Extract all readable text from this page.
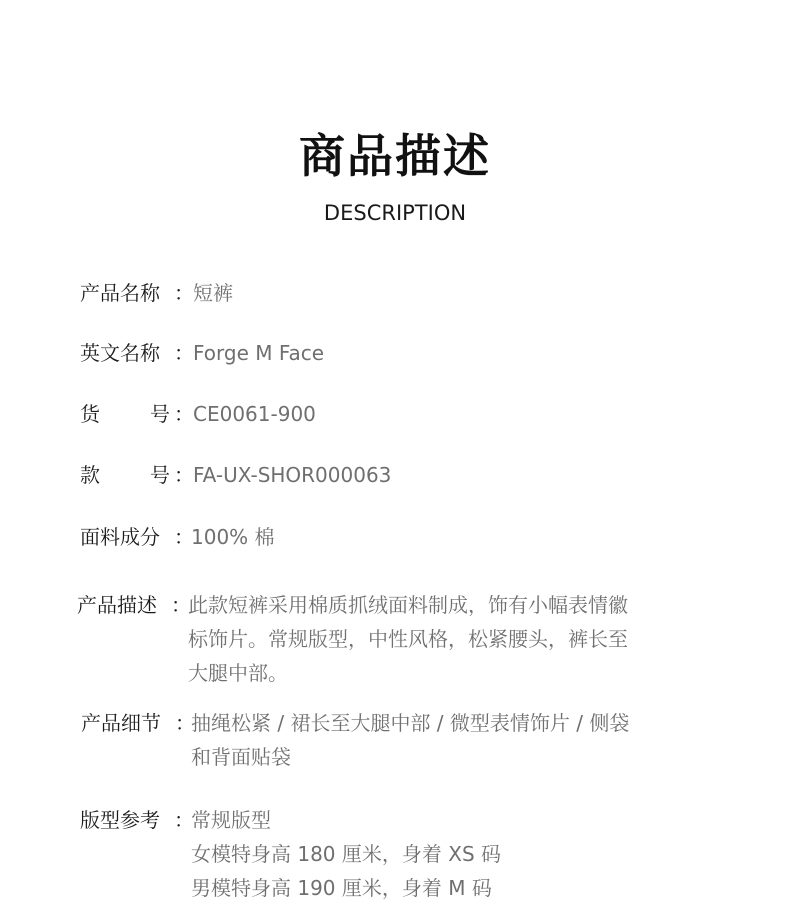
商品描述
DESCRIPTION
产品名称 ： 短裤
英文名称 ： Forge M Face
货	号 ： CE0061-900
款	号 ： FA-UX-SHOR000063
面料成分 ：
100% 棉
产品描述 ：
此款短裤采用棉质抓绒面料制成，饰有小幅表情徽
标饰片。常规版型，中性风格，松紧腰头，裤长至
大腿中部。
产品细节 ：
抽绳松紧 / 裙长至大腿中部 / 微型表情饰片 / 侧袋
和背面贴袋
版型参考 ：
常规版型
女模特身高 180 厘米，身着 XS 码
男模特身高 190 厘米，身着 M 码
